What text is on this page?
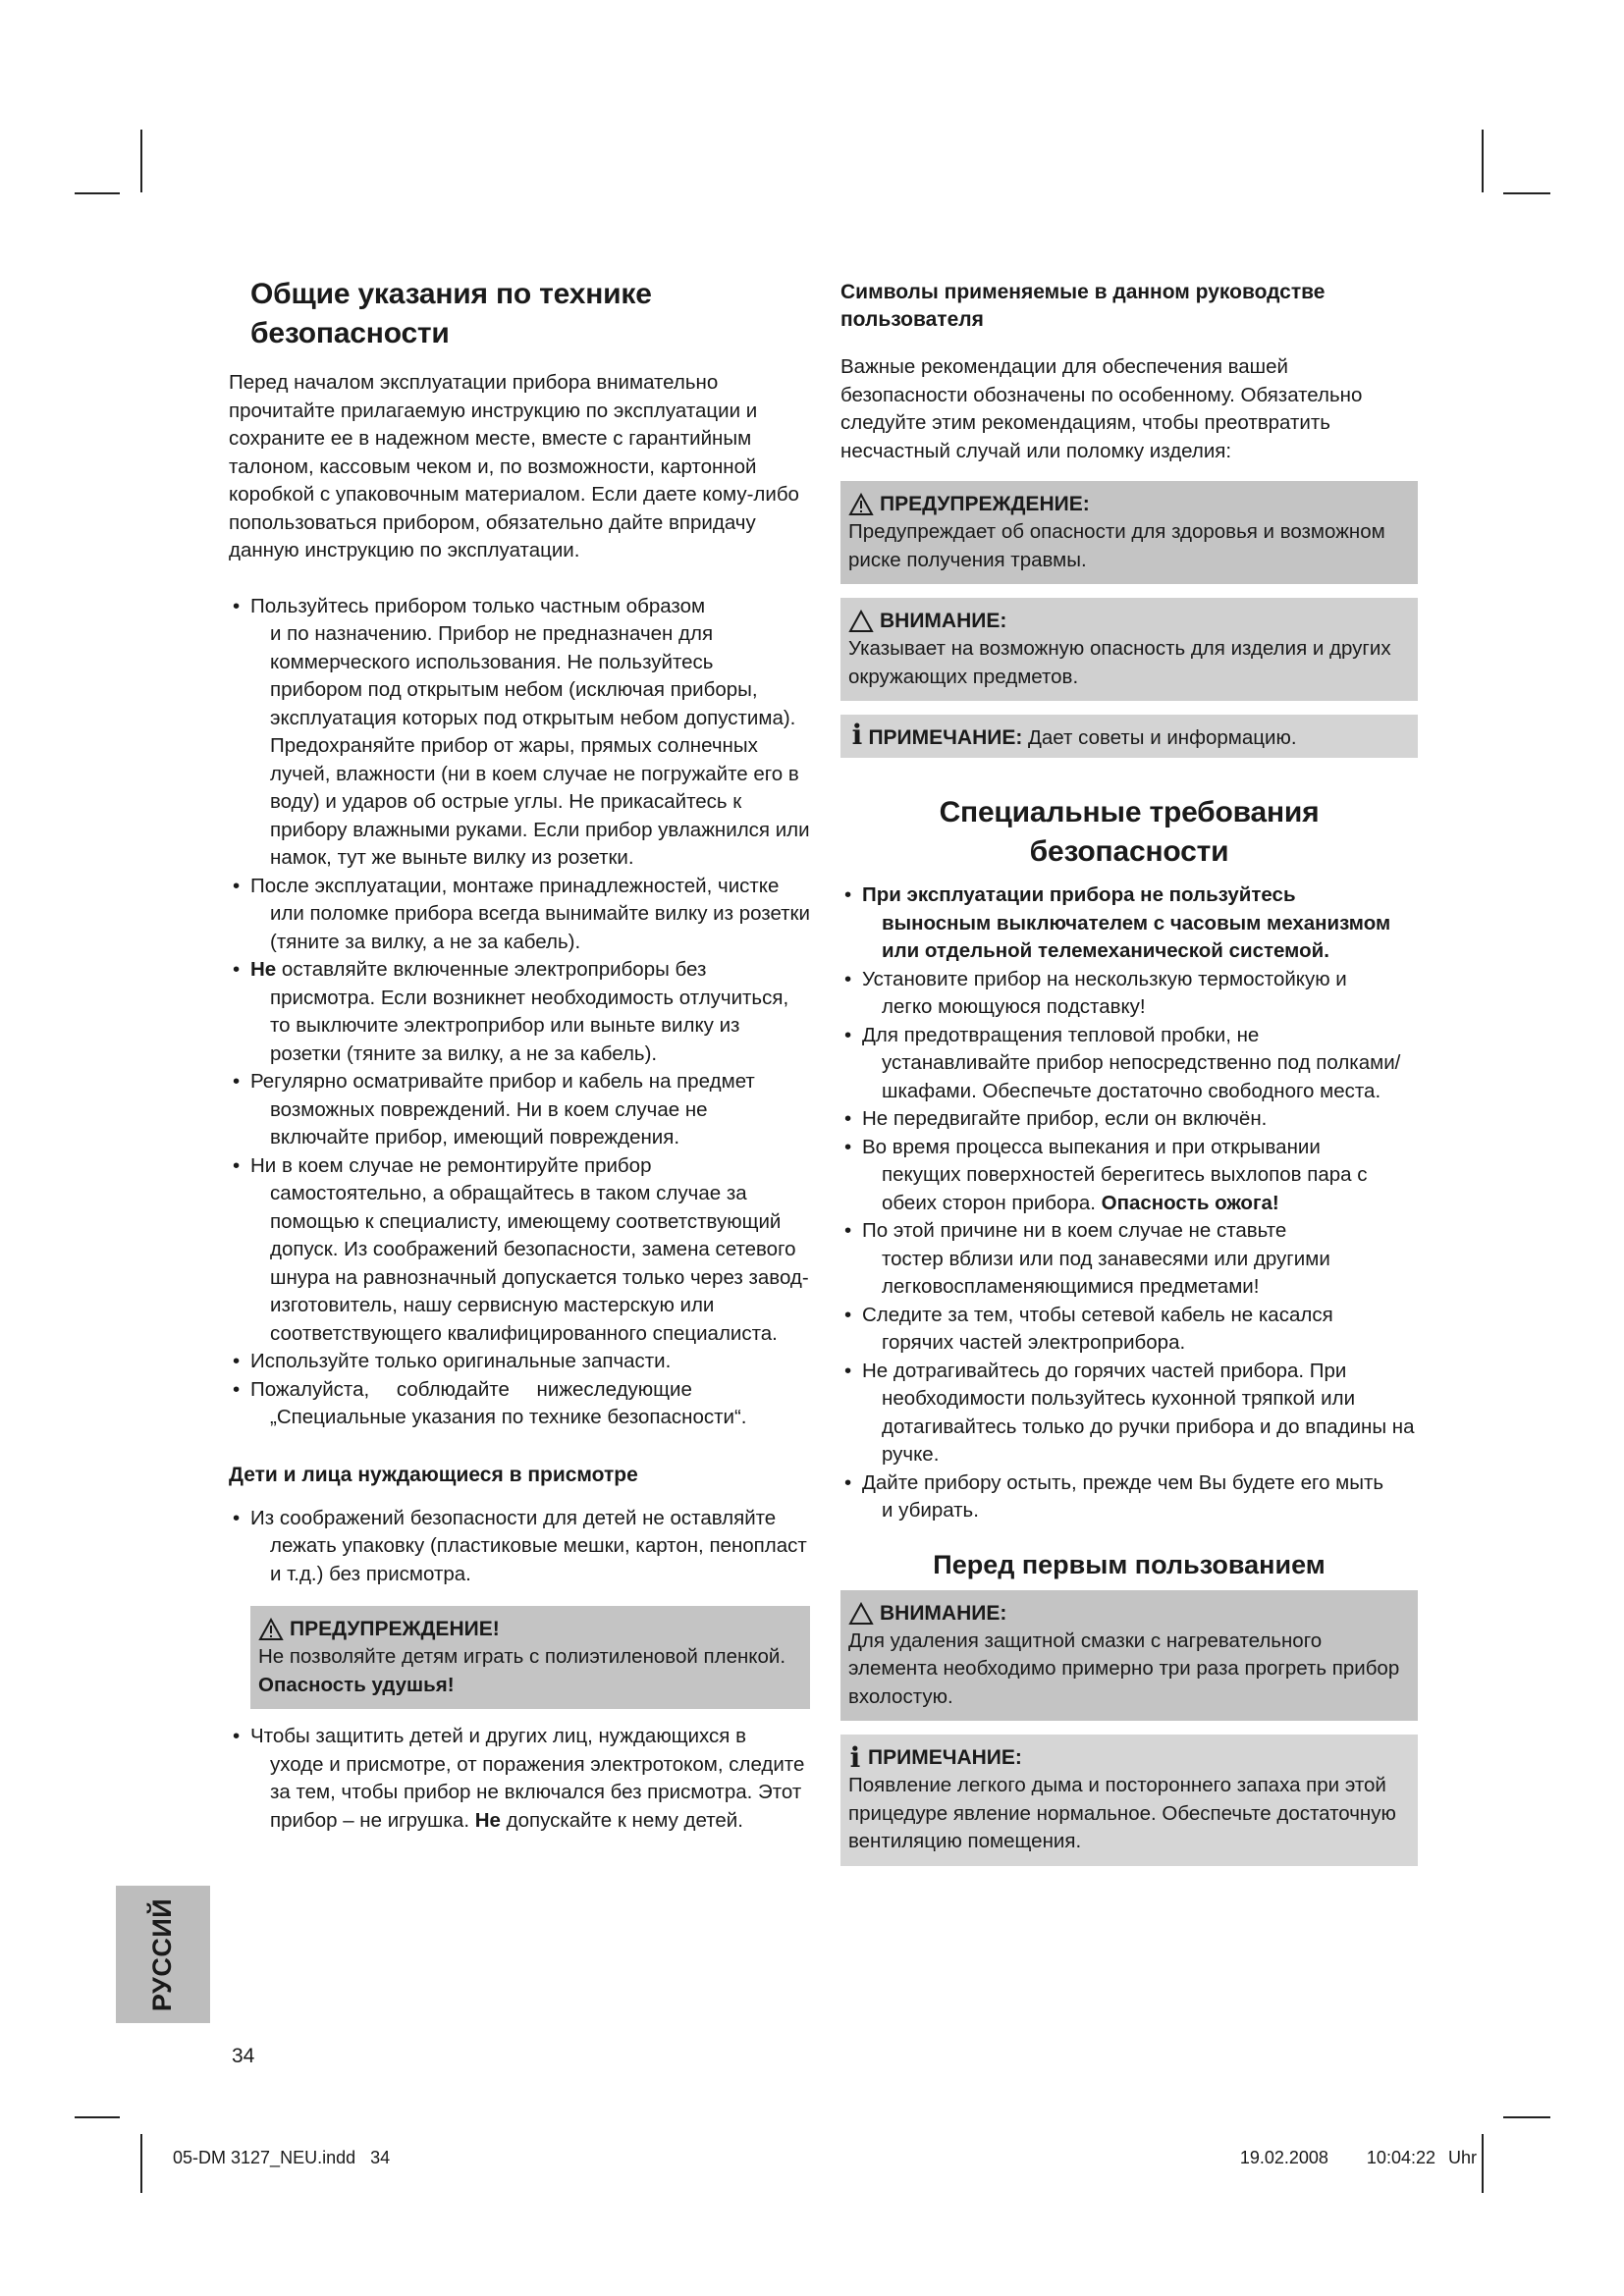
Общие указания по технике безопасности

Перед началом эксплуатации прибора внимательно прочитайте прилагаемую инструкцию по эксплуатации и сохраните ее в надежном месте, вместе с гарантийным талоном, кассовым чеком и, по возможности, картонной коробкой с упаковочным материалом. Если даете кому-либо попользоваться прибором, обязательно дайте впридачу данную инструкцию по эксплуатации.

• Пользуйтесь прибором только частным образом
и по назначению. Прибор не предназначен для коммерческого использования. Не пользуйтесь прибором под открытым небом (исключая приборы, эксплуатация которых под открытым небом допустима). Предохраняйте прибор от жары, прямых солнечных лучей, влажности (ни в коем случае не погружайте его в воду) и ударов об острые углы. Не прикасайтесь к прибору влажными руками. Если прибор увлажнился или намок, тут же выньте вилку из розетки.
• После эксплуатации, монтаже принадлежностей, чистке
или поломке прибора всегда вынимайте вилку из розетки (тяните за вилку, а не за кабель).
• Не оставляйте включенные электроприборы без
присмотра. Если возникнет необходимость отлучиться, то выключите электроприбор или выньте вилку из розетки (тяните за вилку, а не за кабель).
• Регулярно осматривайте прибор и кабель на предмет
возможных повреждений. Ни в коем случае не включайте прибор, имеющий повреждения.
• Ни в коем случае не ремонтируйте прибор
самостоятельно, а обращайтесь в таком случае за помощью к специалисту, имеющему соответствующий допуск. Из соображений безопасности, замена сетевого шнура на равнозначный допускается только через завод-изготовитель, нашу сервисную мастерскую или соответствующего квалифицированного специалиста.
• Используйте только оригинальные запчасти.
• Пожалуйста, соблюдайте нижеследующие
„Специальные указания по технике безопасности“.
Дети и лица нуждающиеся в присмотре
• Из соображений безопасности для детей не оставляйте
лежать упаковку (пластиковые мешки, картон, пенопласт и т.д.) без присмотра.
ПРЕДУПРЕЖДЕНИЕ!
Не позволяйте детям играть с полиэтиленовой пленкой. Опасность удушья!
• Чтобы защитить детей и других лиц, нуждающихся в
уходе и присмотре, от поражения электротоком, следите за тем, чтобы прибор не включался без присмотра. Этот прибор – не игрушка. Не допускайте к нему детей.
Символы применяемые в данном руководстве пользователя

Важные рекомендации для обеспечения вашей безопасности обозначены по особенному. Обязательно следуйте этим рекомендациям, чтобы преотвратить несчастный случай или поломку изделия:

ПРЕДУПРЕЖДЕНИЕ:
Предупреждает об опасности для здоровья и возможном риске получения травмы.
ВНИМАНИЕ:
Указывает на возможную опасность для изделия и других окружающих предметов.
i ПРИМЕЧАНИЕ: Дает советы и информацию.
Специальные требования безопасности
• При эксплуатации прибора не пользуйтесь
выносным выключателем с часовым механизмом или отдельной телемеханической системой.
• Установите прибор на нескользкую термостойкую и
легко моющуюся подставку!
• Для предотвращения тепловой пробки, не
устанавливайте прибор непосредственно под полками/ шкафами. Обеспечьте достаточно свободного места.
• Не передвигайте прибор, если он включён.
• Во время процесса выпекания и при открывании
пекущих поверхностей берегитесь выхлопов пара с обеих сторон прибора. Опасность ожога!
• По этой причине ни в коем случае не ставьте
тостер вблизи или под занавесями или другими легковоспламеняющимися предметами!
• Следите за тем, чтобы сетевой кабель не касался
горячих частей электроприбора.
• Не дотрагивайтесь до горячих частей прибора. При
необходимости пользуйтесь кухонной тряпкой или дотагивайтесь только до ручки прибора и до впадины на ручке.
• Дайте прибору остыть, прежде чем Вы будете его мыть
и убирать.
Перед первым пользованием
ВНИМАНИЕ:
Для удаления защитной смазки с нагревательного элемента необходимо примерно три раза прогреть прибор вхолостую.
i ПРИМЕЧАНИЕ:
Появление легкого дыма и постороннего запаха при этой прицедуре явление нормальное. Обеспечьте достаточную вентиляцию помещения.
РУССИЙ
34
05-DM 3127_NEU.indd   34	19.02.2008   10:04:22 Uhr
